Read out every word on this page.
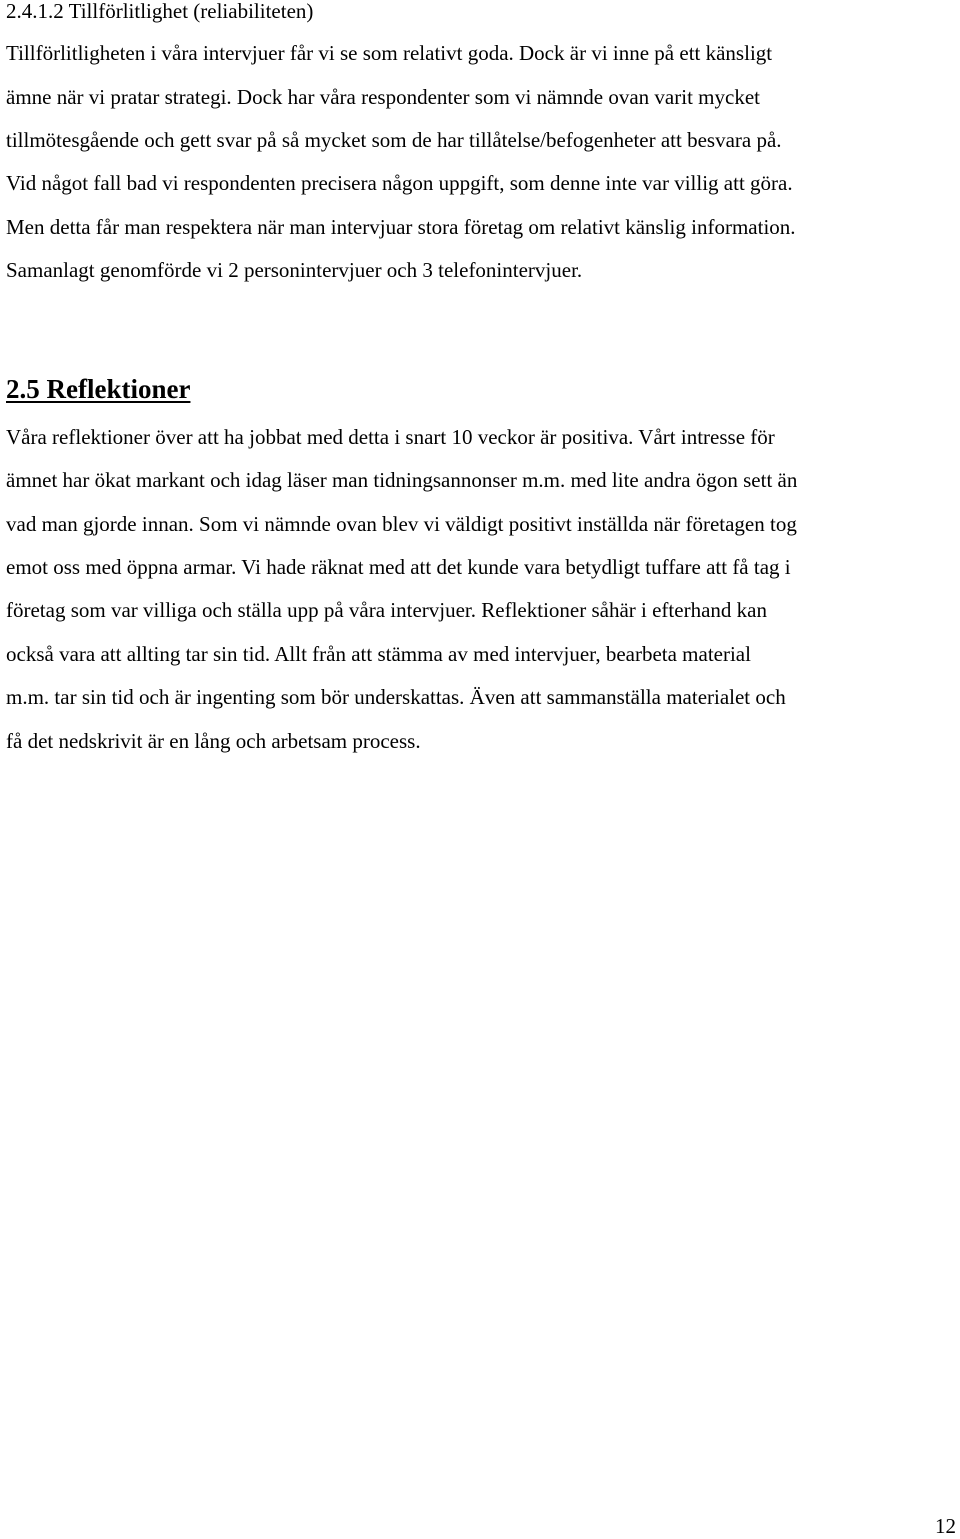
2.4.1.2 Tillförlitlighet (reliabiliteten)

Tillförlitligheten i våra intervjuer får vi se som relativt goda. Dock är vi inne på ett känsligt

ämne när vi pratar strategi. Dock har våra respondenter som vi nämnde ovan varit mycket

tillmötesgående och gett svar på så mycket som de har tillåtelse/befogenheter att besvara på.

Vid något fall bad vi respondenten precisera någon uppgift, som denne inte var villig att göra.

Men detta får man respektera när man intervjuar stora företag om relativt känslig information.

Samanlagt genomförde vi 2 personintervjuer och 3 telefonintervjuer.

2.5 Reflektioner

Våra reflektioner över att ha jobbat med detta i snart 10 veckor är positiva. Vårt intresse för

ämnet har ökat markant och idag läser man tidningsannonser m.m. med lite andra ögon sett än

vad man gjorde innan. Som vi nämnde ovan blev vi väldigt positivt inställda när företagen tog

emot oss med öppna armar. Vi hade räknat med att det kunde vara betydligt tuffare att få tag i

företag som var villiga och ställa upp på våra intervjuer. Reflektioner såhär i efterhand kan

också vara att allting tar sin tid. Allt från att stämma av med intervjuer, bearbeta material

m.m. tar sin tid och är ingenting som bör underskattas. Även att sammanställa materialet och

få det nedskrivit är en lång och arbetsam process.

12
